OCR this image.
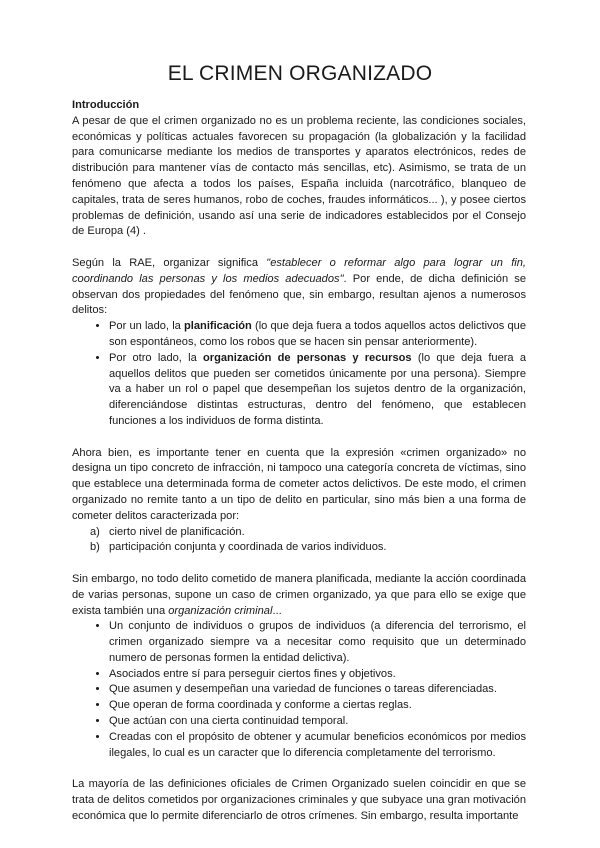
EL CRIMEN ORGANIZADO

Introducción

A pesar de que el crimen organizado no es un problema reciente, las condiciones sociales, económicas y políticas actuales favorecen su propagación (la globalización y la facilidad para comunicarse mediante los medios de transportes y aparatos electrónicos, redes de distribución para mantener vías de contacto más sencillas, etc). Asimismo, se trata de un fenómeno que afecta a todos los países, España incluida (narcotráfico, blanqueo de capitales, trata de seres humanos, robo de coches, fraudes informáticos... ), y posee ciertos problemas de definición, usando así una serie de indicadores establecidos por el Consejo de Europa (4) .

Según la RAE, organizar significa "establecer o reformar algo para lograr un fin, coordinando las personas y los medios adecuados". Por ende, de dicha definición se observan dos propiedades del fenómeno que, sin embargo, resultan ajenos a numerosos delitos:

• Por un lado, la planificación (lo que deja fuera a todos aquellos actos delictivos que son espontáneos, como los robos que se hacen sin pensar anteriormente).
• Por otro lado, la organización de personas y recursos (lo que deja fuera a aquellos delitos que pueden ser cometidos únicamente por una persona). Siempre va a haber un rol o papel que desempeñan los sujetos dentro de la organización, diferenciándose distintas estructuras, dentro del fenómeno, que establecen funciones a los individuos de forma distinta.

Ahora bien, es importante tener en cuenta que la expresión «crimen organizado» no designa un tipo concreto de infracción, ni tampoco una categoría concreta de víctimas, sino que establece una determinada forma de cometer actos delictivos. De este modo, el crimen organizado no remite tanto a un tipo de delito en particular, sino más bien a una forma de cometer delitos caracterizada por:

a) cierto nivel de planificación.
b) participación conjunta y coordinada de varios individuos.

Sin embargo, no todo delito cometido de manera planificada, mediante la acción coordinada de varias personas, supone un caso de crimen organizado, ya que para ello se exige que exista también una organización criminal...

• Un conjunto de individuos o grupos de individuos (a diferencia del terrorismo, el crimen organizado siempre va a necesitar como requisito que un determinado numero de personas formen la entidad delictiva).
• Asociados entre sí para perseguir ciertos fines y objetivos.
• Que asumen y desempeñan una variedad de funciones o tareas diferenciadas.
• Que operan de forma coordinada y conforme a ciertas reglas.
• Que actúan con una cierta continuidad temporal.
• Creadas con el propósito de obtener y acumular beneficios económicos por medios ilegales, lo cual es un caracter que lo diferencia completamente del terrorismo.

La mayoría de las definiciones oficiales de Crimen Organizado suelen coincidir en que se trata de delitos cometidos por organizaciones criminales y que subyace una gran motivación económica que lo permite diferenciarlo de otros crímenes. Sin embargo, resulta importante
